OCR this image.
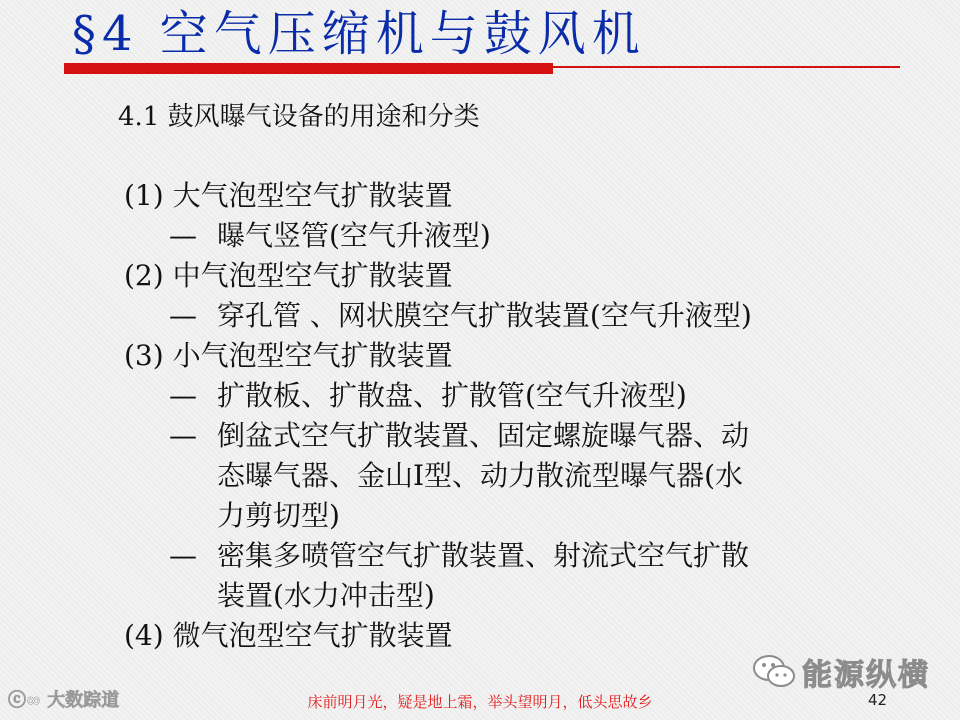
§4 空气压缩机与鼓风机
4.1 鼓风曝气设备的用途和分类
(1) 大气泡型空气扩散装置
— 曝气竖管(空气升液型)
(2) 中气泡型空气扩散装置
— 穿孔管 、网状膜空气扩散装置(空气升液型)
(3) 小气泡型空气扩散装置
— 扩散板、扩散盘、扩散管(空气升液型)
— 倒盆式空气扩散装置、固定螺旋曝气器、动
态曝气器、金山I型、动力散流型曝气器(水
力剪切型)
— 密集多喷管空气扩散装置、射流式空气扩散
装置(水力冲击型)
(4) 微气泡型空气扩散装置
能源纵横
ⓒ∞ 大数踪道	床前明月光，疑是地上霜，举头望明月，低头思故乡	42
